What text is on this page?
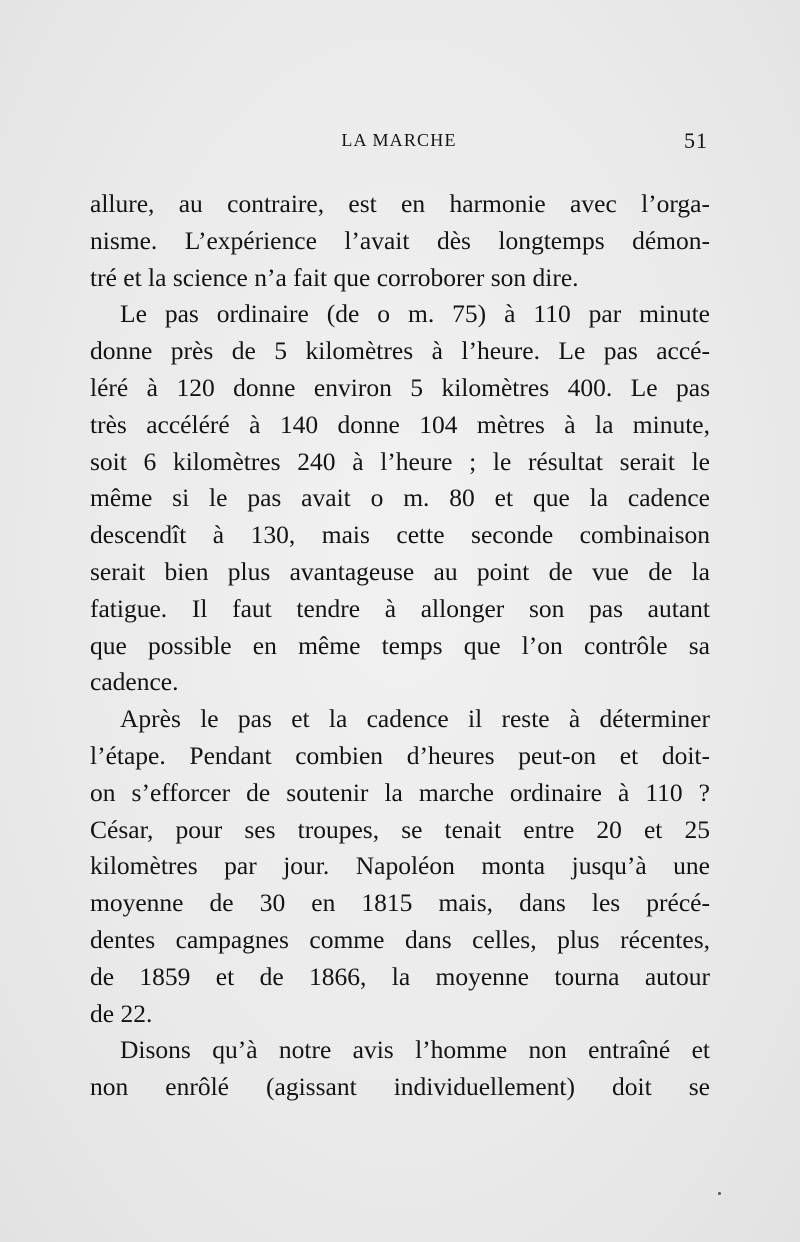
LA MARCHE	51
allure, au contraire, est en harmonie avec l’orga-
nisme. L’expérience l’avait dès longtemps démon-
tré et la science n’a fait que corroborer son dire.
Le pas ordinaire (de o m. 75) à 110 par minute
donne près de 5 kilomètres à l’heure. Le pas accé-
léré à 120 donne environ 5 kilomètres 400. Le pas
très accéléré à 140 donne 104 mètres à la minute,
soit 6 kilomètres 240 à l’heure ; le résultat serait le
même si le pas avait o m. 80 et que la cadence
descendît à 130, mais cette seconde combinaison
serait bien plus avantageuse au point de vue de la
fatigue. Il faut tendre à allonger son pas autant
que possible en même temps que l’on contrôle sa
cadence.
Après le pas et la cadence il reste à déterminer
l’étape. Pendant combien d’heures peut-on et doit-
on s’efforcer de soutenir la marche ordinaire à 110 ?
César, pour ses troupes, se tenait entre 20 et 25
kilomètres par jour. Napoléon monta jusqu’à une
moyenne de 30 en 1815 mais, dans les précé-
dentes campagnes comme dans celles, plus récentes,
de 1859 et de 1866, la moyenne tourna autour
de 22.
Disons qu’à notre avis l’homme non entraîné et
non enrôlé (agissant individuellement) doit se
